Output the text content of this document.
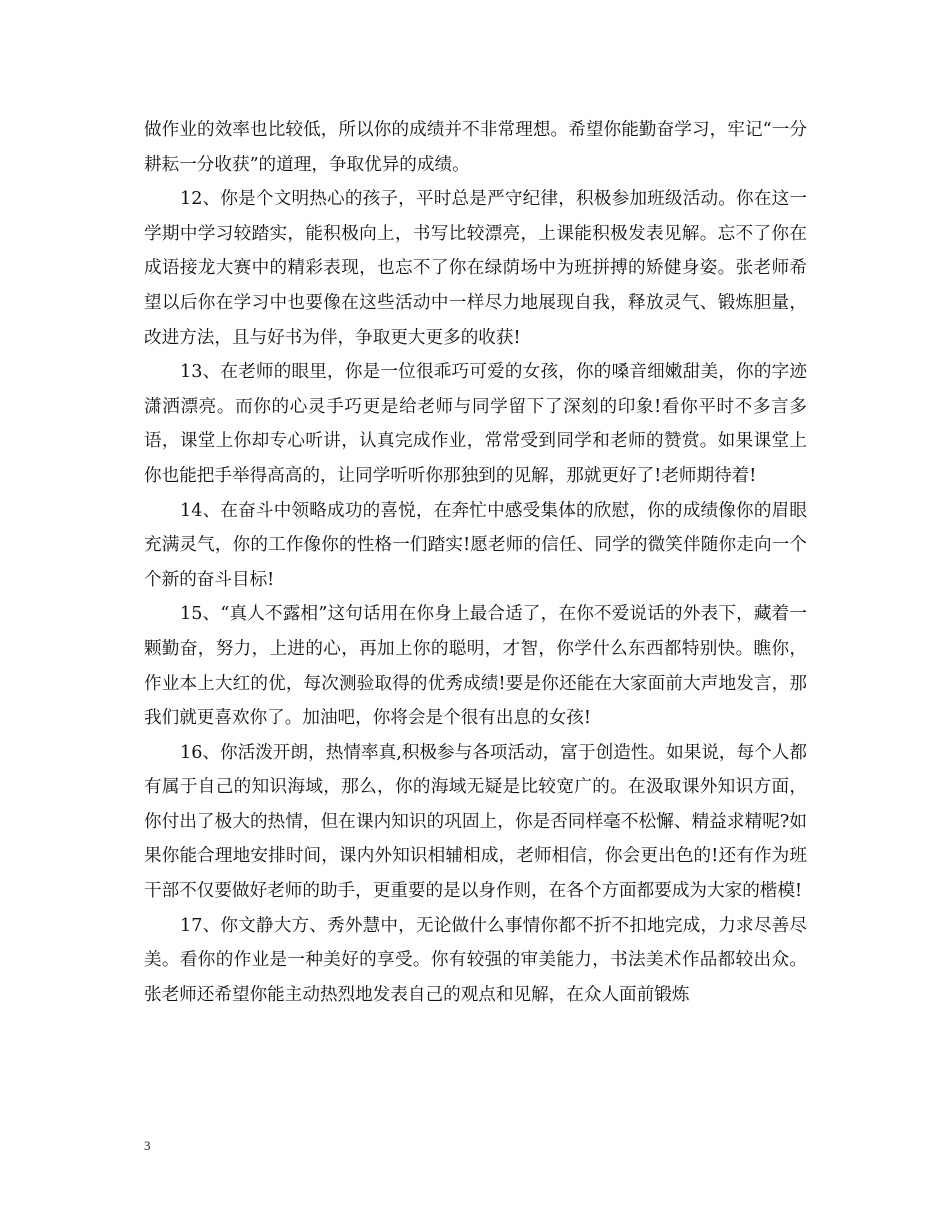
做作业的效率也比较低，所以你的成绩并不非常理想。希望你能勤奋学习，牢记“一分耕耘一分收获”的道理，争取优异的成绩。

12、你是个文明热心的孩子，平时总是严守纪律，积极参加班级活动。你在这一学期中学习较踏实，能积极向上，书写比较漂亮，上课能积极发表见解。忘不了你在成语接龙大赛中的精彩表现，也忘不了你在绿荫场中为班拼搏的矫健身姿。张老师希望以后你在学习中也要像在这些活动中一样尽力地展现自我，释放灵气、锻炼胆量，改进方法，且与好书为伴，争取更大更多的收获!

13、在老师的眼里，你是一位很乖巧可爱的女孩，你的嗓音细嫩甜美，你的字迹潇洒漂亮。而你的心灵手巧更是给老师与同学留下了深刻的印象!看你平时不多言多语，课堂上你却专心听讲，认真完成作业，常常受到同学和老师的赞赏。如果课堂上你也能把手举得高高的，让同学听听你那独到的见解，那就更好了!老师期待着!

14、在奋斗中领略成功的喜悦，在奔忙中感受集体的欣慰，你的成绩像你的眉眼充满灵气，你的工作像你的性格一们踏实!愿老师的信任、同学的微笑伴随你走向一个个新的奋斗目标!

15、“真人不露相”这句话用在你身上最合适了，在你不爱说话的外表下，藏着一颗勤奋，努力，上进的心，再加上你的聪明，才智，你学什么东西都特别快。瞧你，作业本上大红的优，每次测验取得的优秀成绩!要是你还能在大家面前大声地发言，那我们就更喜欢你了。加油吧，你将会是个很有出息的女孩!

16、你活泼开朗，热情率真,积极参与各项活动，富于创造性。如果说，每个人都有属于自己的知识海域，那么，你的海域无疑是比较宽广的。在汲取课外知识方面，你付出了极大的热情，但在课内知识的巩固上，你是否同样毫不松懈、精益求精呢?如果你能合理地安排时间，课内外知识相辅相成，老师相信，你会更出色的!还有作为班干部不仅要做好老师的助手，更重要的是以身作则，在各个方面都要成为大家的楷模!

17、你文静大方、秀外慧中，无论做什么事情你都不折不扣地完成，力求尽善尽美。看你的作业是一种美好的享受。你有较强的审美能力，书法美术作品都较出众。张老师还希望你能主动热烈地发表自己的观点和见解，在众人面前锻炼

3
